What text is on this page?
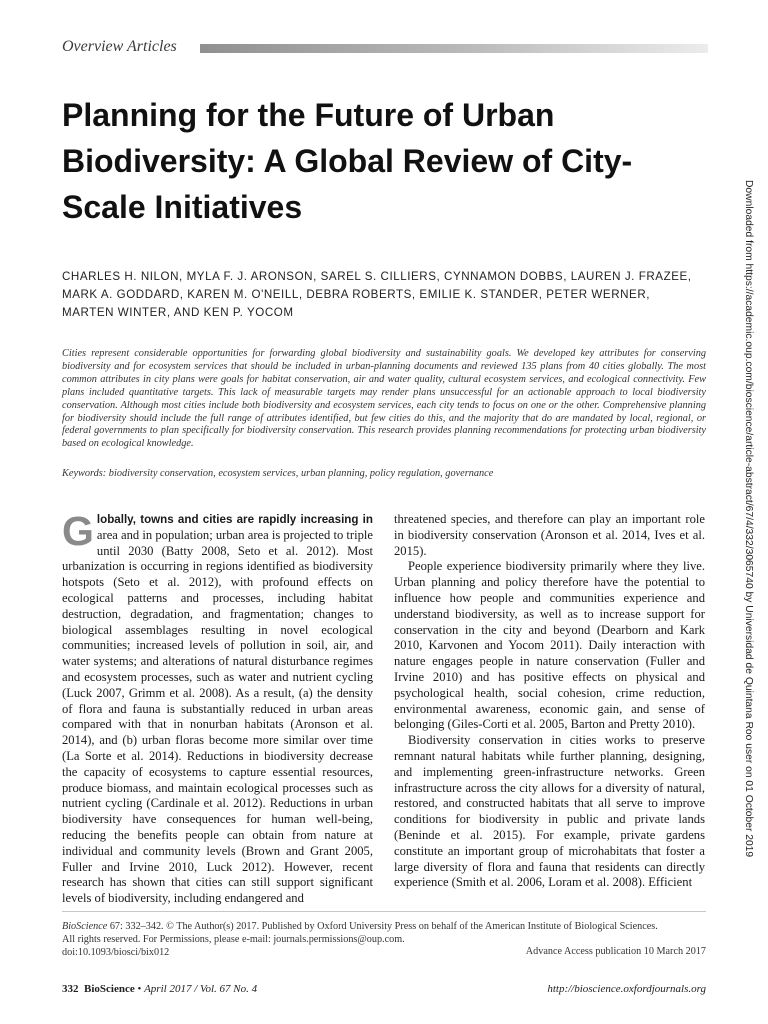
Overview Articles
Planning for the Future of Urban Biodiversity: A Global Review of City-Scale Initiatives
CHARLES H. NILON, MYLA F. J. ARONSON, SAREL S. CILLIERS, CYNNAMON DOBBS, LAUREN J. FRAZEE,
MARK A. GODDARD, KAREN M. O'NEILL, DEBRA ROBERTS, EMILIE K. STANDER, PETER WERNER,
MARTEN WINTER, AND KEN P. YOCOM

Cities represent considerable opportunities for forwarding global biodiversity and sustainability goals. We developed key attributes for conserving biodiversity and for ecosystem services that should be included in urban-planning documents and reviewed 135 plans from 40 cities globally. The most common attributes in city plans were goals for habitat conservation, air and water quality, cultural ecosystem services, and ecological connectivity. Few plans included quantitative targets. This lack of measurable targets may render plans unsuccessful for an actionable approach to local biodiversity conservation. Although most cities include both biodiversity and ecosystem services, each city tends to focus on one or the other. Comprehensive planning for biodiversity should include the full range of attributes identified, but few cities do this, and the majority that do are mandated by local, regional, or federal governments to plan specifically for biodiversity conservation. This research provides planning recommendations for protecting urban biodiversity based on ecological knowledge.

Keywords: biodiversity conservation, ecosystem services, urban planning, policy regulation, governance

Globally, towns and cities are rapidly increasing in area and in population; urban area is projected to triple until 2030 (Batty 2008, Seto et al. 2012). Most urbanization is occurring in regions identified as biodiversity hotspots (Seto et al. 2012), with profound effects on ecological patterns and processes, including habitat destruction, degradation, and fragmentation; changes to biological assemblages resulting in novel ecological communities; increased levels of pollution in soil, air, and water systems; and alterations of natural disturbance regimes and ecosystem processes, such as water and nutrient cycling (Luck 2007, Grimm et al. 2008). As a result, (a) the density of flora and fauna is substantially reduced in urban areas compared with that in nonurban habitats (Aronson et al. 2014), and (b) urban floras become more similar over time (La Sorte et al. 2014). Reductions in biodiversity decrease the capacity of ecosystems to capture essential resources, produce biomass, and maintain ecological processes such as nutrient cycling (Cardinale et al. 2012). Reductions in urban biodiversity have consequences for human well-being, reducing the benefits people can obtain from nature at individual and community levels (Brown and Grant 2005, Fuller and Irvine 2010, Luck 2012). However, recent research has shown that cities can still support significant levels of biodiversity, including endangered and

threatened species, and therefore can play an important role in biodiversity conservation (Aronson et al. 2014, Ives et al. 2015).

People experience biodiversity primarily where they live. Urban planning and policy therefore have the potential to influence how people and communities experience and understand biodiversity, as well as to increase support for conservation in the city and beyond (Dearborn and Kark 2010, Karvonen and Yocom 2011). Daily interaction with nature engages people in nature conservation (Fuller and Irvine 2010) and has positive effects on physical and psychological health, social cohesion, crime reduction, environmental awareness, economic gain, and sense of belonging (Giles-Corti et al. 2005, Barton and Pretty 2010).

Biodiversity conservation in cities works to preserve remnant natural habitats while further planning, designing, and implementing green-infrastructure networks. Green infrastructure across the city allows for a diversity of natural, restored, and constructed habitats that all serve to improve conditions for biodiversity in public and private lands (Beninde et al. 2015). For example, private gardens constitute an important group of microhabitats that foster a large diversity of flora and fauna that residents can directly experience (Smith et al. 2006, Loram et al. 2008). Efficient

BioScience 67: 332–342. © The Author(s) 2017. Published by Oxford University Press on behalf of the American Institute of Biological Sciences.
All rights reserved. For Permissions, please e-mail: journals.permissions@oup.com.
doi:10.1093/biosci/bix012	Advance Access publication 10 March 2017
332 BioScience • April 2017 / Vol. 67 No. 4	http://bioscience.oxfordjournals.org
Downloaded from https://academic.oup.com/bioscience/article-abstract/67/4/332/3065740 by Universidad de Quintana Roo user on 01 October 2019
